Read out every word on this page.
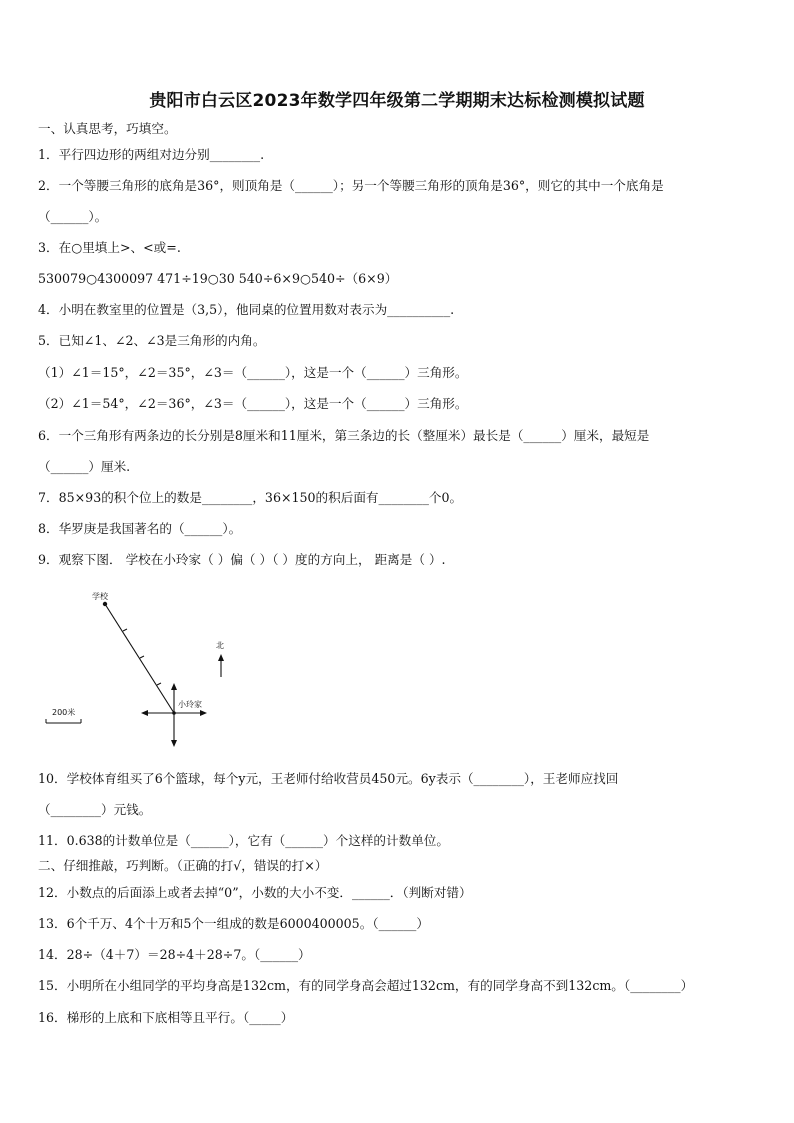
贵阳市白云区2023年数学四年级第二学期期末达标检测模拟试题
一、认真思考，巧填空。
1．平行四边形的两组对边分别________.
2．一个等腰三角形的底角是36°，则顶角是（______）；另一个等腰三角形的顶角是36°，则它的其中一个底角是
（______）。
3．在○里填上>、<或=.
530079○4300097 471÷19○30 540÷6×9○540÷（6×9）
4．小明在教室里的位置是（3,5），他同桌的位置用数对表示为__________.
5．已知∠1、∠2、∠3是三角形的内角。
（1）∠1＝15°，∠2＝35°，∠3＝（______），这是一个（______）三角形。
（2）∠1＝54°，∠2＝36°，∠3＝（______），这是一个（______）三角形。
6．一个三角形有两条边的长分别是8厘米和11厘米，第三条边的长（整厘米）最长是（______）厘米，最短是
（______）厘米.
7．85×93的积个位上的数是________，36×150的积后面有________个0。
8．华罗庚是我国著名的（______）。
9．观察下图． 学校在小玲家（ ）偏（ ）（ ）度的方向上， 距离是（ ）.
学校
小玲家
北
200米
10．学校体育组买了6个篮球，每个y元，王老师付给收营员450元。6y表示（________），王老师应找回
（________）元钱。
11．0.638的计数单位是（______），它有（______）个这样的计数单位。
二、仔细推敲，巧判断。（正确的打√，错误的打×）
12．小数点的后面添上或者去掉“0”，小数的大小不变．______．（判断对错）
13．6个千万、4个十万和5个一组成的数是6000400005。（______）
14．28÷（4＋7）＝28÷4＋28÷7。（______）
15．小明所在小组同学的平均身高是132cm，有的同学身高会超过132cm，有的同学身高不到132cm。（________）
16．梯形的上底和下底相等且平行。（_____）
